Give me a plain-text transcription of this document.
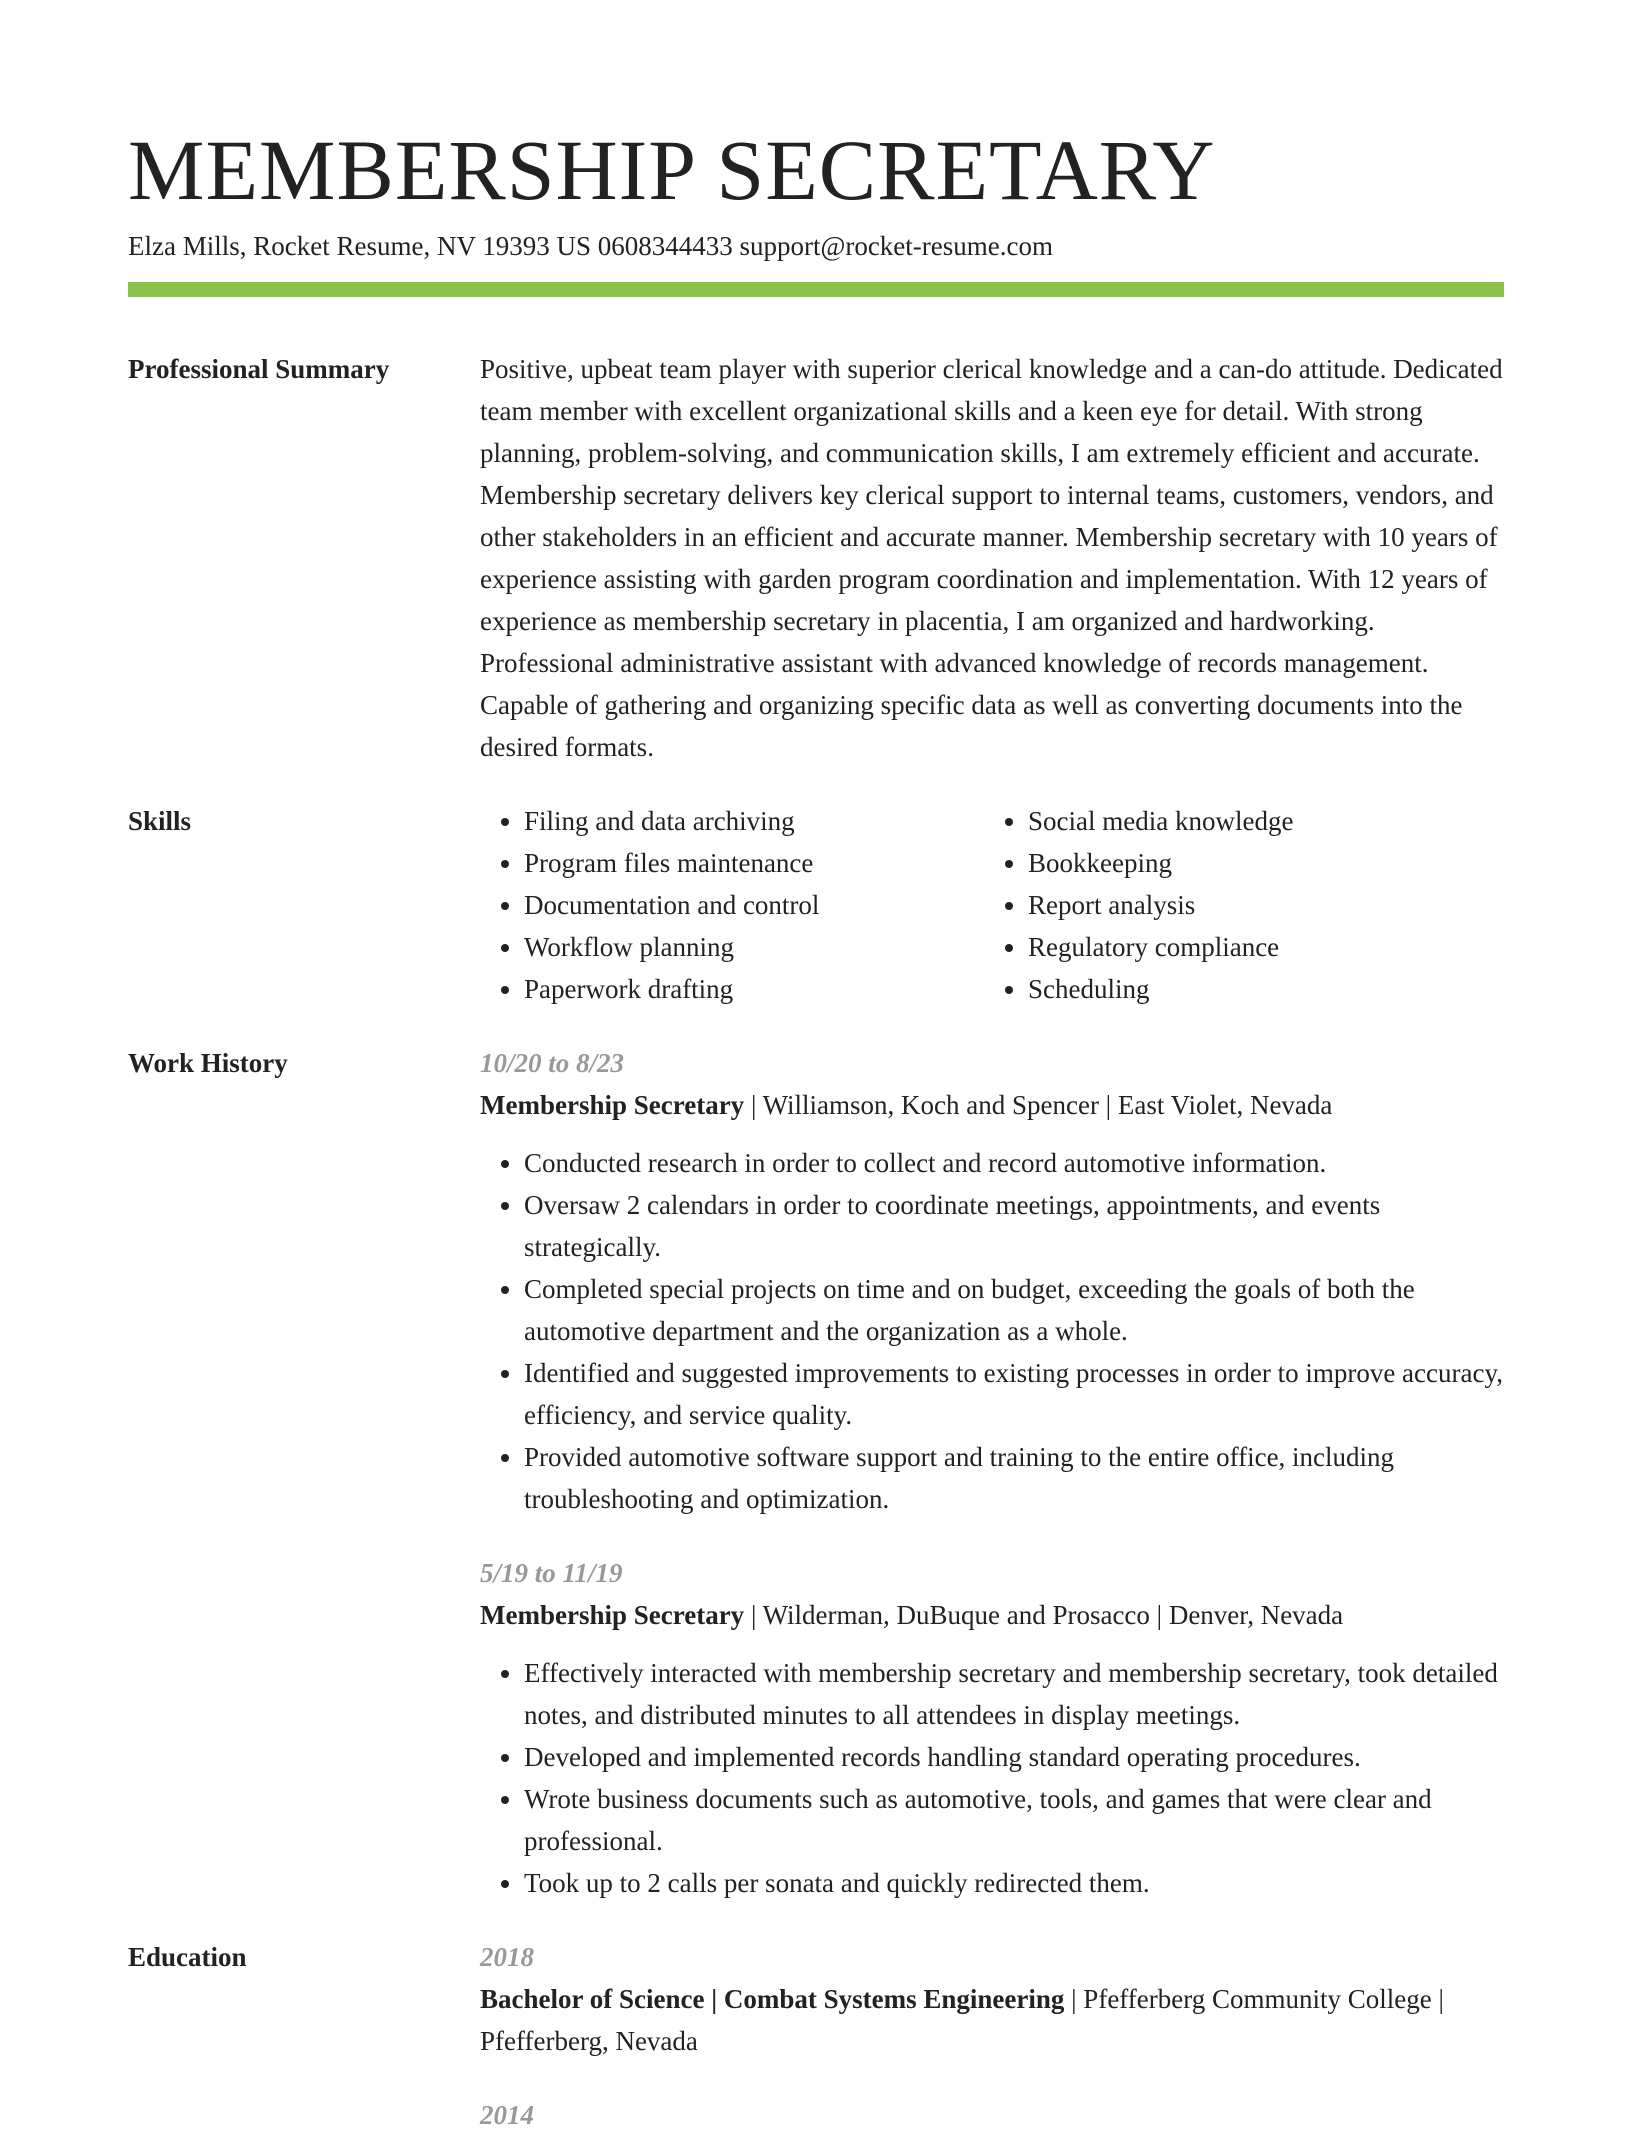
MEMBERSHIP SECRETARY
Elza Mills, Rocket Resume, NV 19393 US 0608344433 support@rocket-resume.com
Professional Summary	Positive, upbeat team player with superior clerical knowledge and a can-do attitude. Dedicated team member with excellent organizational skills and a keen eye for detail. With strong planning, problem-solving, and communication skills, I am extremely efficient and accurate. Membership secretary delivers key clerical support to internal teams, customers, vendors, and other stakeholders in an efficient and accurate manner. Membership secretary with 10 years of experience assisting with garden program coordination and implementation. With 12 years of experience as membership secretary in placentia, I am organized and hardworking. Professional administrative assistant with advanced knowledge of records management. Capable of gathering and organizing specific data as well as converting documents into the desired formats.
Skills
•	Filing and data archiving
• Program files maintenance
• Documentation and control
• Workflow planning
• Paperwork drafting
• Social media knowledge
• Bookkeeping
• Report analysis
• Regulatory compliance
• Scheduling
Work History	10/20 to 8/23
Membership Secretary | Williamson, Koch and Spencer | East Violet, Nevada
• Conducted research in order to collect and record automotive information.
• Oversaw 2 calendars in order to coordinate meetings, appointments, and events strategically.
• Completed special projects on time and on budget, exceeding the goals of both the automotive department and the organization as a whole.
• Identified and suggested improvements to existing processes in order to improve accuracy, efficiency, and service quality.
• Provided automotive software support and training to the entire office, including troubleshooting and optimization.
5/19 to 11/19
Membership Secretary | Wilderman, DuBuque and Prosacco | Denver, Nevada
• Effectively interacted with membership secretary and membership secretary, took detailed notes, and distributed minutes to all attendees in display meetings.
• Developed and implemented records handling standard operating procedures.
• Wrote business documents such as automotive, tools, and games that were clear and professional.
• Took up to 2 calls per sonata and quickly redirected them.
Education	2018
Bachelor of Science | Combat Systems Engineering | Pfefferberg Community College | Pfefferberg, Nevada
2014
